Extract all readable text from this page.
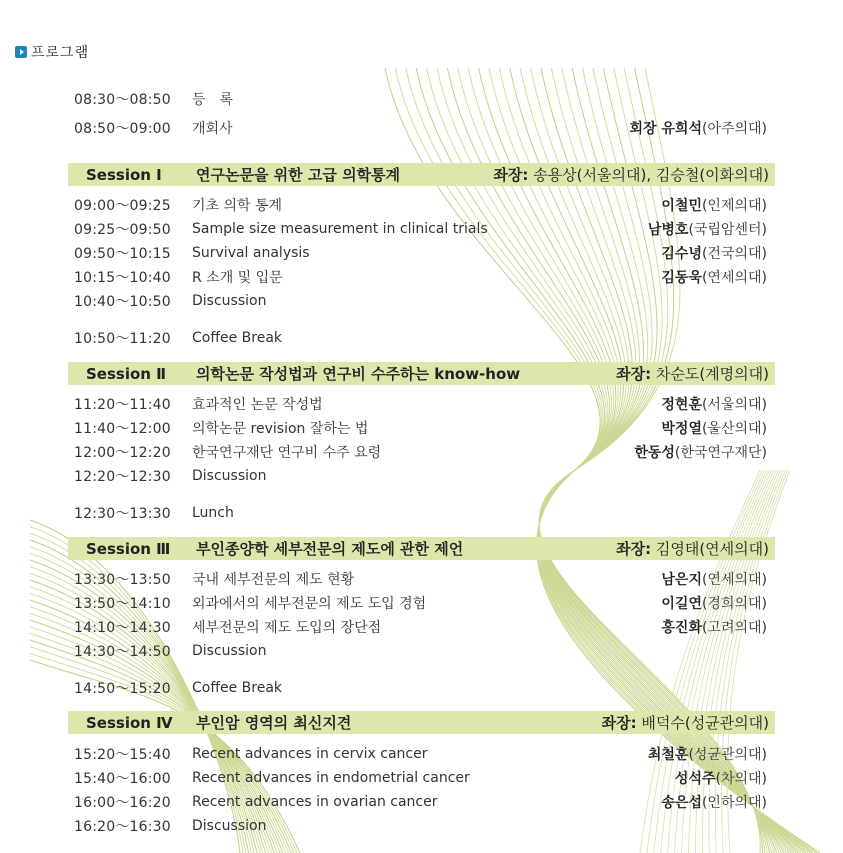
프로그램
08:30～08:50	등　록
08:50～09:00	개회사	회장 유희석(아주의대)
Session Ⅰ	연구논문을 위한 고급 의학통계	좌장: 송용상(서울의대), 김승철(이화의대)
09:00～09:25	기초 의학 통계	이철민(인제의대)
09:25～09:50	Sample size measurement in clinical trials	남병호(국립암센터)
09:50～10:15	Survival analysis	김수녕(건국의대)
10:15～10:40	R 소개 및 입문	김동욱(연세의대)
10:40～10:50	Discussion
10:50～11:20	Coffee Break
Session Ⅱ	의학논문 작성법과 연구비 수주하는 know-how	좌장: 차순도(계명의대)
11:20～11:40	효과적인 논문 작성법	정현훈(서울의대)
11:40～12:00	의학논문 revision 잘하는 법	박정열(울산의대)
12:00～12:20	한국연구재단 연구비 수주 요령	한동성(한국연구재단)
12:20～12:30	Discussion
12:30～13:30	Lunch
Session Ⅲ	부인종양학 세부전문의 제도에 관한 제언	좌장: 김영태(연세의대)
13:30～13:50	국내 세부전문의 제도 현황	남은지(연세의대)
13:50～14:10	외과에서의 세부전문의 제도 도입 경험	이길연(경희의대)
14:10～14:30	세부전문의 제도 도입의 장단점	홍진화(고려의대)
14:30～14:50	Discussion
14:50～15:20	Coffee Break
Session Ⅳ	부인암 영역의 최신지견	좌장: 배덕수(성균관의대)
15:20～15:40	Recent advances in cervix cancer	최철훈(성균관의대)
15:40～16:00	Recent advances in endometrial cancer	성석주(차의대)
16:00～16:20	Recent advances in ovarian cancer	송은섭(인하의대)
16:20～16:30	Discussion
